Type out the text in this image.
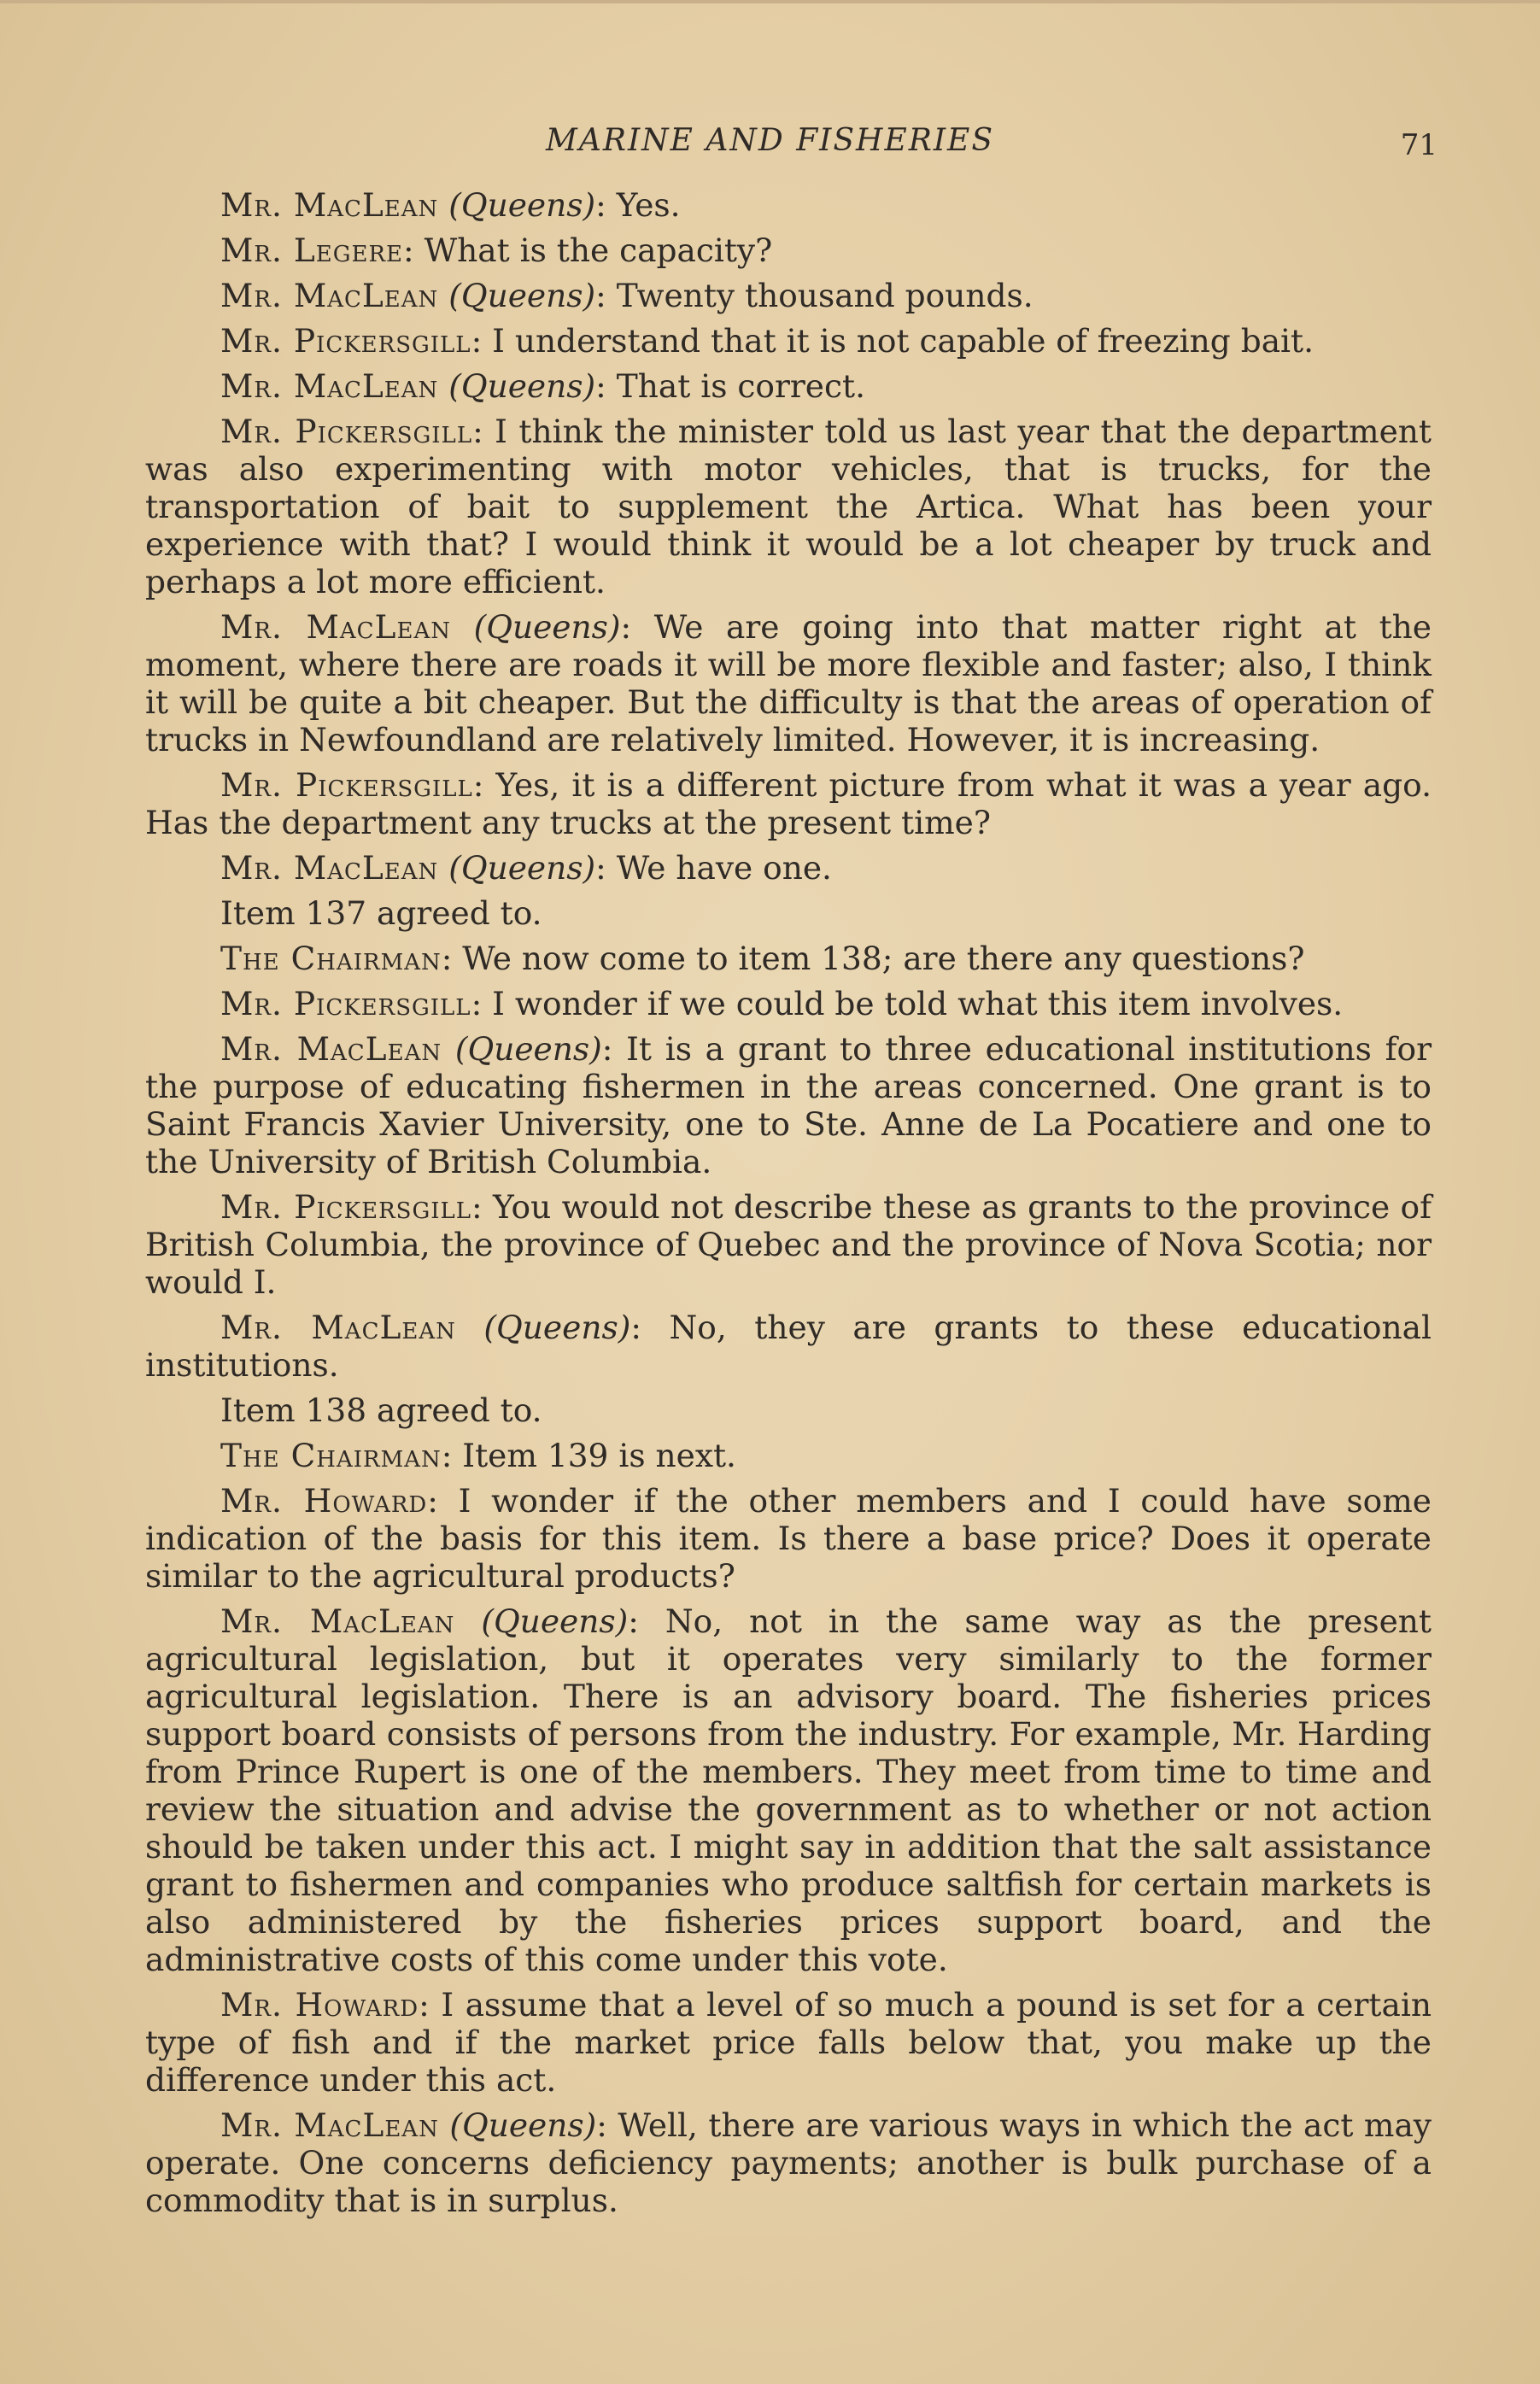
MARINE AND FISHERIES	71

Mr. MacLean (Queens): Yes.

Mr. Legere: What is the capacity?

Mr. MacLean (Queens): Twenty thousand pounds.

Mr. Pickersgill: I understand that it is not capable of freezing bait.

Mr. MacLean (Queens): That is correct.

Mr. Pickersgill: I think the minister told us last year that the department was also experimenting with motor vehicles, that is trucks, for the transportation of bait to supplement the Artica. What has been your experience with that? I would think it would be a lot cheaper by truck and perhaps a lot more efficient.

Mr. MacLean (Queens): We are going into that matter right at the moment, where there are roads it will be more flexible and faster; also, I think it will be quite a bit cheaper. But the difficulty is that the areas of operation of trucks in Newfoundland are relatively limited. However, it is increasing.

Mr. Pickersgill: Yes, it is a different picture from what it was a year ago. Has the department any trucks at the present time?

Mr. MacLean (Queens): We have one.

Item 137 agreed to.

The Chairman: We now come to item 138; are there any questions?

Mr. Pickersgill: I wonder if we could be told what this item involves.

Mr. MacLean (Queens): It is a grant to three educational institutions for the purpose of educating fishermen in the areas concerned. One grant is to Saint Francis Xavier University, one to Ste. Anne de La Pocatiere and one to the University of British Columbia.

Mr. Pickersgill: You would not describe these as grants to the province of British Columbia, the province of Quebec and the province of Nova Scotia; nor would I.

Mr. MacLean (Queens): No, they are grants to these educational institutions.

Item 138 agreed to.

The Chairman: Item 139 is next.

Mr. Howard: I wonder if the other members and I could have some indication of the basis for this item. Is there a base price? Does it operate similar to the agricultural products?

Mr. MacLean (Queens): No, not in the same way as the present agricultural legislation, but it operates very similarly to the former agricultural legislation. There is an advisory board. The fisheries prices support board consists of persons from the industry. For example, Mr. Harding from Prince Rupert is one of the members. They meet from time to time and review the situation and advise the government as to whether or not action should be taken under this act. I might say in addition that the salt assistance grant to fishermen and companies who produce saltfish for certain markets is also administered by the fisheries prices support board, and the administrative costs of this come under this vote.

Mr. Howard: I assume that a level of so much a pound is set for a certain type of fish and if the market price falls below that, you make up the difference under this act.

Mr. MacLean (Queens): Well, there are various ways in which the act may operate. One concerns deficiency payments; another is bulk purchase of a commodity that is in surplus.
